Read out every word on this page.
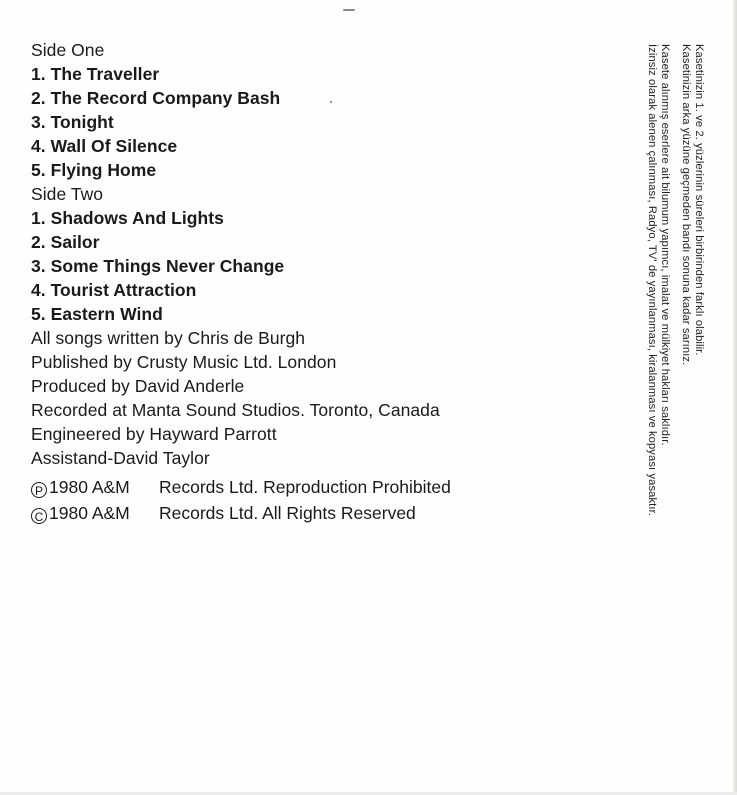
Side One
1. The Traveller
2. The Record Company Bash
3. Tonight
4. Wall Of Silence
5. Flying Home
Side Two
1. Shadows And Lights
2. Sailor
3. Some Things Never Change
4. Tourist Attraction
5. Eastern Wind
All songs written by Chris de Burgh
Published by Crusty Music Ltd. London
Produced by David Anderle
Recorded at Manta Sound Studios. Toronto, Canada
Engineered by Hayward Parrott
Assistand-David Taylor
P 1980 A&M Records Ltd. Reproduction Prohibited
C 1980 A&M Records Ltd. All Rights Reserved
Kasetinizin 1. ve 2. yüzlerinin süreleri birbirinden farklı olabilir.
Kasetinizin arka yüzüne geçmeden bandı sonuna kadar sarınız.
Kasete alınmış eserlere ait bilumum yapımcı, imalat ve mülkiyet hakları saklıdır.
İzinsiz olarak alenen çalınması, Radyo, TV' de yayınlanması, kiralanması ve kopyası yasaktır.
